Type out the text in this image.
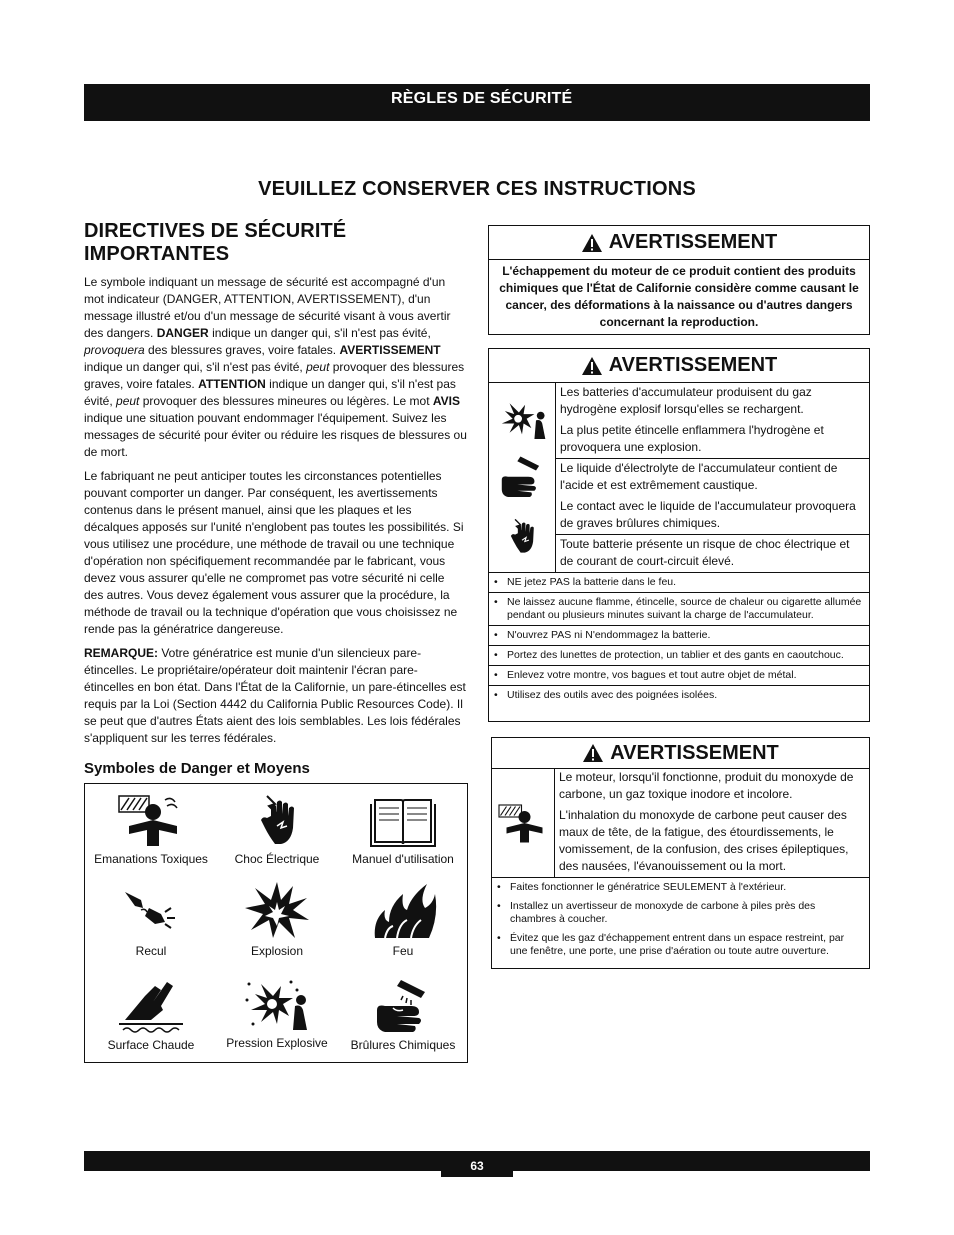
RÈGLES DE SÉCURITÉ
VEUILLEZ CONSERVER CES INSTRUCTIONS
DIRECTIVES DE SÉCURITÉ IMPORTANTES

Le symbole indiquant un message de sécurité est accompagné d'un mot indicateur (DANGER, ATTENTION, AVERTISSEMENT), d'un message illustré et/ou d'un message de sécurité visant à vous avertir des dangers. DANGER indique un danger qui, s'il n'est pas évité, provoquera des blessures graves, voire fatales. AVERTISSEMENT indique un danger qui, s'il n'est pas évité, peut provoquer des blessures graves, voire fatales. ATTENTION indique un danger qui, s'il n'est pas évité, peut provoquer des blessures mineures ou légères. Le mot AVIS indique une situation pouvant endommager l'équipement. Suivez les messages de sécurité pour éviter ou réduire les risques de blessures ou de mort.

Le fabriquant ne peut anticiper toutes les circonstances potentielles pouvant comporter un danger. Par conséquent, les avertissements contenus dans le présent manuel, ainsi que les plaques et les décalques apposés sur l'unité n'englobent pas toutes les possibilités. Si vous utilisez une procédure, une méthode de travail ou une technique d'opération non spécifiquement recommandée par le fabricant, vous devez vous assurer qu'elle ne compromet pas votre sécurité ni celle des autres. Vous devez également vous assurer que la procédure, la méthode de travail ou la technique d'opération que vous choisissez ne rende pas la génératrice dangereuse.

REMARQUE: Votre génératrice est munie d'un silencieux pare-étincelles. Le propriétaire/opérateur doit maintenir l'écran pare-étincelles en bon état. Dans l'État de la Californie, un pare-étincelles est requis par la Loi (Section 4442 du California Public Resources Code). Il se peut que d'autres États aient des lois semblables. Les lois fédérales s'appliquent sur les terres fédérales.

Symboles de Danger et Moyens
Emanations Toxiques	Choc Électrique	Manuel d'utilisation
Recul	Explosion	Feu
Surface Chaude	Pression Explosive	Brûlures Chimiques
AVERTISSEMENT
L'échappement du moteur de ce produit contient des produits chimiques que l'État de Californie considère comme causant le cancer, des déformations à la naissance ou d'autres dangers concernant la reproduction.
AVERTISSEMENT

Les batteries d'accumulateur produisent du gaz hydrogène explosif lorsqu'elles se rechargent.

La plus petite étincelle enflammera l'hydrogène et provoquera une explosion.

Le liquide d'électrolyte de l'accumulateur contient de l'acide et est extrêmement caustique.

Le contact avec le liquide de l'accumulateur provoquera de graves brûlures chimiques.

Toute batterie présente un risque de choc électrique et de courant de court-circuit élevé.

• NE jetez PAS la batterie dans le feu.
• Ne laissez aucune flamme, étincelle, source de chaleur ou cigarette allumée pendant ou plusieurs minutes suivant la charge de l'accumulateur.
• N'ouvrez PAS ni N'endommagez la batterie.
• Portez des lunettes de protection, un tablier et des gants en caoutchouc.
• Enlevez votre montre, vos bagues et tout autre objet de métal.
• Utilisez des outils avec des poignées isolées.
AVERTISSEMENT

Le moteur, lorsqu'il fonctionne, produit du monoxyde de carbone, un gaz toxique inodore et incolore.

L'inhalation du monoxyde de carbone peut causer des maux de tête, de la fatigue, des étourdissements, le vomissement, de la confusion, des crises épileptiques, des nausées, l'évanouissement ou la mort.

• Faites fonctionner le génératrice SEULEMENT à l'extérieur.
• Installez un avertisseur de monoxyde de carbone à piles près des chambres à coucher.
• Évitez que les gaz d'échappement entrent dans un espace restreint, par une fenêtre, une porte, une prise d'aération ou toute autre ouverture.
63
